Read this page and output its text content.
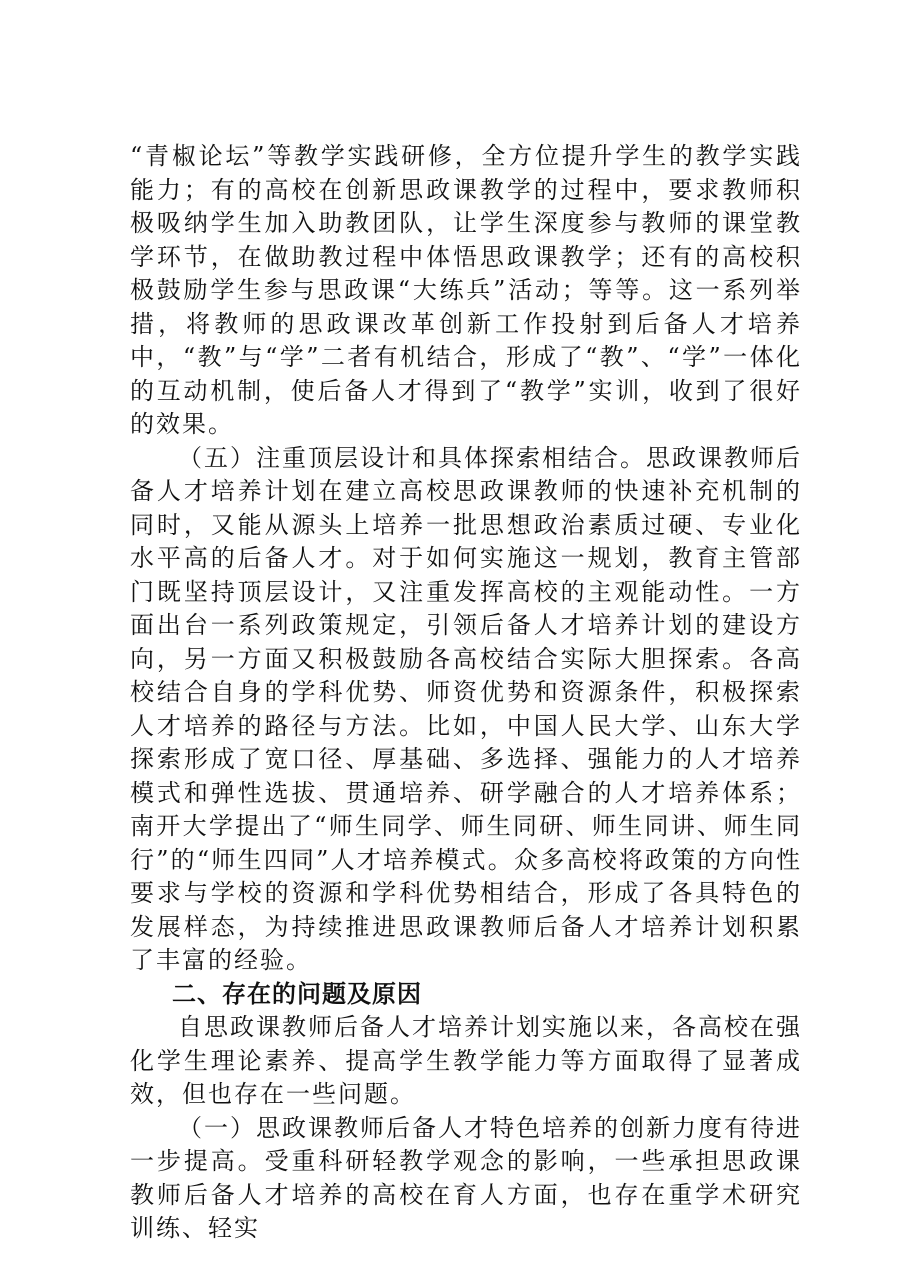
“青椒论坛”等教学实践研修，全方位提升学生的教学实践能力；有的高校在创新思政课教学的过程中，要求教师积极吸纳学生加入助教团队，让学生深度参与教师的课堂教学环节，在做助教过程中体悟思政课教学；还有的高校积极鼓励学生参与思政课“大练兵”活动；等等。这一系列举措，将教师的思政课改革创新工作投射到后备人才培养中，“教”与“学”二者有机结合，形成了“教”、“学”一体化的互动机制，使后备人才得到了“教学”实训，收到了很好的效果。

（五）注重顶层设计和具体探索相结合。思政课教师后备人才培养计划在建立高校思政课教师的快速补充机制的同时，又能从源头上培养一批思想政治素质过硬、专业化水平高的后备人才。对于如何实施这一规划，教育主管部门既坚持顶层设计，又注重发挥高校的主观能动性。一方面出台一系列政策规定，引领后备人才培养计划的建设方向，另一方面又积极鼓励各高校结合实际大胆探索。各高校结合自身的学科优势、师资优势和资源条件，积极探索人才培养的路径与方法。比如，中国人民大学、山东大学探索形成了宽口径、厚基础、多选择、强能力的人才培养模式和弹性选拔、贯通培养、研学融合的人才培养体系；南开大学提出了“师生同学、师生同研、师生同讲、师生同行”的“师生四同”人才培养模式。众多高校将政策的方向性要求与学校的资源和学科优势相结合，形成了各具特色的发展样态，为持续推进思政课教师后备人才培养计划积累了丰富的经验。

二、存在的问题及原因

自思政课教师后备人才培养计划实施以来，各高校在强化学生理论素养、提高学生教学能力等方面取得了显著成效，但也存在一些问题。

（一）思政课教师后备人才特色培养的创新力度有待进一步提高。受重科研轻教学观念的影响，一些承担思政课教师后备人才培养的高校在育人方面，也存在重学术研究训练、轻实
